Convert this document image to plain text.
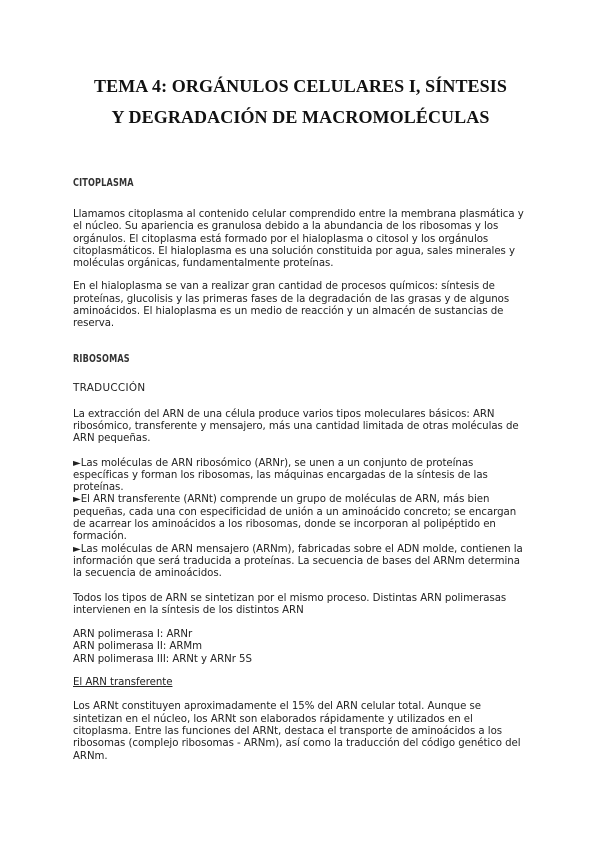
TEMA 4: ORGÁNULOS CELULARES I, SÍNTESIS
Y DEGRADACIÓN DE MACROMOLÉCULAS
CITOPLASMA

Llamamos citoplasma al contenido celular comprendido entre la membrana plasmática y el núcleo. Su apariencia es granulosa debido a la abundancia de los ribosomas y los orgánulos. El citoplasma está formado por el hialoplasma o citosol y los orgánulos citoplasmáticos. El hialoplasma es una solución constituida por agua, sales minerales y moléculas orgánicas, fundamentalmente proteínas.

En el hialoplasma se van a realizar gran cantidad de procesos químicos: síntesis de proteínas, glucolisis y las primeras fases de la degradación de las grasas y de algunos aminoácidos. El hialoplasma es un medio de reacción y un almacén de sustancias de reserva.

RIBOSOMAS

TRADUCCIÓN

La extracción del ARN de una célula produce varios tipos moleculares básicos: ARN ribosómico, transferente y mensajero, más una cantidad limitada de otras moléculas de ARN pequeñas.

►Las moléculas de ARN ribosómico (ARNr), se unen a un conjunto de proteínas específicas y forman los ribosomas, las máquinas encargadas de la síntesis de las proteínas.

►El ARN transferente (ARNt) comprende un grupo de moléculas de ARN, más bien pequeñas, cada una con especificidad de unión a un aminoácido concreto; se encargan de acarrear los aminoácidos a los ribosomas, donde se incorporan al polipéptido en formación.

►Las moléculas de ARN mensajero (ARNm), fabricadas sobre el ADN molde, contienen la información que será traducida a proteínas. La secuencia de bases del ARNm determina la secuencia de aminoácidos.

Todos los tipos de ARN se sintetizan por el mismo proceso. Distintas ARN polimerasas intervienen en la síntesis de los distintos ARN

ARN polimerasa I: ARNr

ARN polimerasa II: ARMm

ARN polimerasa III: ARNt y ARNr 5S

El ARN transferente

Los ARNt constituyen aproximadamente el 15% del ARN celular total. Aunque se sintetizan en el núcleo, los ARNt son elaborados rápidamente y utilizados en el citoplasma. Entre las funciones del ARNt, destaca el transporte de aminoácidos a los ribosomas (complejo ribosomas - ARNm), así como la traducción del código genético del ARNm.
